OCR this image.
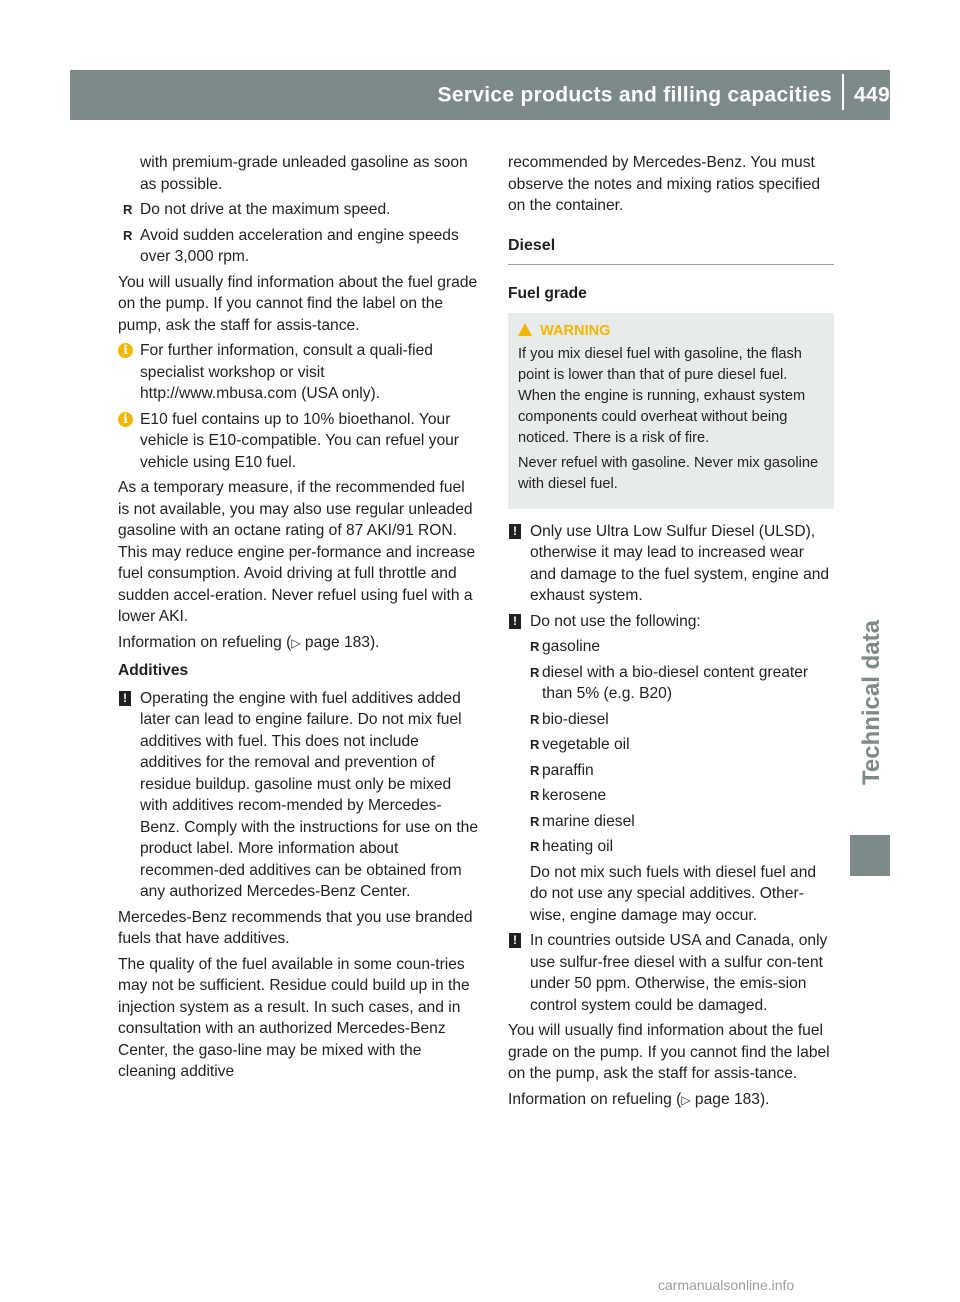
Service products and filling capacities 449
Technical data

with premium-grade unleaded gasoline as soon as possible.

R Do not drive at the maximum speed.
R Avoid sudden acceleration and engine speeds over 3,000 rpm.

You will usually find information about the fuel grade on the pump. If you cannot find the label on the pump, ask the staff for assis-tance.

i For further information, consult a quali-fied specialist workshop or visit http://www.mbusa.com (USA only).
i E10 fuel contains up to 10% bioethanol. Your vehicle is E10-compatible. You can refuel your vehicle using E10 fuel.

As a temporary measure, if the recommended fuel is not available, you may also use regular unleaded gasoline with an octane rating of 87 AKI/91 RON. This may reduce engine per-formance and increase fuel consumption. Avoid driving at full throttle and sudden accel-eration. Never refuel using fuel with a lower AKI.

Information on refueling (▷ page 183).

Additives
! Operating the engine with fuel additives added later can lead to engine failure. Do not mix fuel additives with fuel. This does not include additives for the removal and prevention of residue buildup. gasoline must only be mixed with additives recom-mended by Mercedes-Benz. Comply with the instructions for use on the product label. More information about recommen-ded additives can be obtained from any authorized Mercedes-Benz Center.

Mercedes-Benz recommends that you use branded fuels that have additives.

The quality of the fuel available in some coun-tries may not be sufficient. Residue could build up in the injection system as a result. In such cases, and in consultation with an authorized Mercedes-Benz Center, the gaso-line may be mixed with the cleaning additive

recommended by Mercedes-Benz. You must observe the notes and mixing ratios specified on the container.

Diesel
Fuel grade
WARNING

If you mix diesel fuel with gasoline, the flash point is lower than that of pure diesel fuel. When the engine is running, exhaust system components could overheat without being noticed. There is a risk of fire.

Never refuel with gasoline. Never mix gasoline with diesel fuel.

! Only use Ultra Low Sulfur Diesel (ULSD), otherwise it may lead to increased wear and damage to the fuel system, engine and exhaust system.
! Do not use the following:
R gasoline
R diesel with a bio-diesel content greater than 5% (e.g. B20)
R bio-diesel
R vegetable oil
R paraffin
R kerosene
R marine diesel
R heating oil
Do not mix such fuels with diesel fuel and do not use any special additives. Other-wise, engine damage may occur.
! In countries outside USA and Canada, only use sulfur-free diesel with a sulfur con-tent under 50 ppm. Otherwise, the emis-sion control system could be damaged.

You will usually find information about the fuel grade on the pump. If you cannot find the label on the pump, ask the staff for assis-tance.

Information on refueling (▷ page 183).

carmanualsonline.info
